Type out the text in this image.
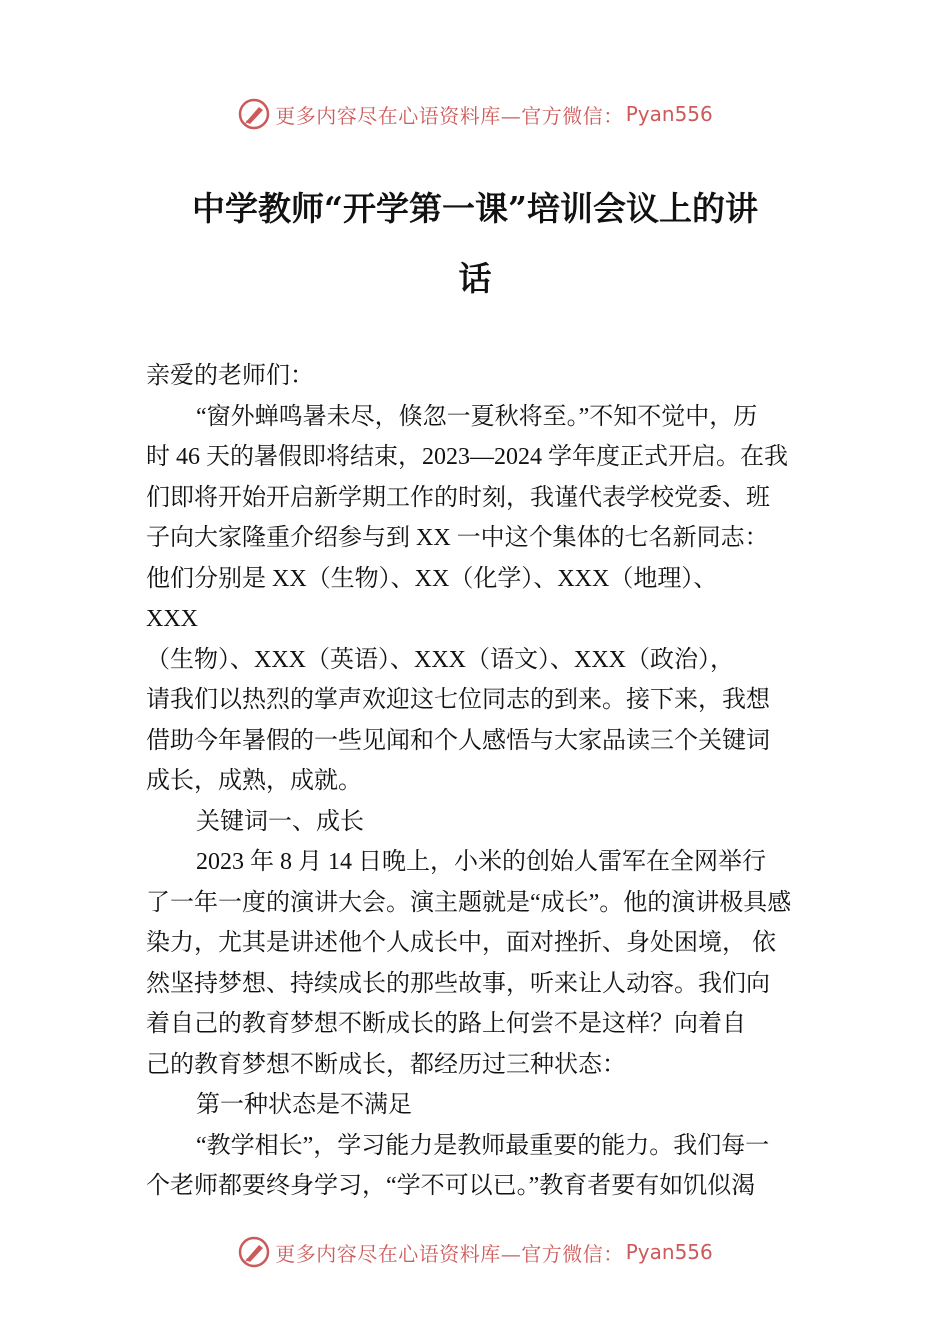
更多内容尽在心语资料库—官方微信： Pyan556
中学教师“开学第一课”培训会议上的讲
话
亲爱的老师们：
“窗外蝉鸣暑未尽，倏忽一夏秋将至。”不知不觉中，历
时 46 天的暑假即将结束，2023—2024 学年度正式开启。在我
们即将开始开启新学期工作的时刻，我谨代表学校党委、班
子向大家隆重介绍参与到 XX 一中这个集体的七名新同志：
他们分别是 XX（生物）、XX（化学）、XXX（地理）、
XXX
（生物）、XXX（英语）、XXX（语文）、XXX（政治），
请我们以热烈的掌声欢迎这七位同志的到来。接下来，我想
借助今年暑假的一些见闻和个人感悟与大家品读三个关键词
成长，成熟，成就。
关键词一、成长
2023 年 8 月 14 日晚上，小米的创始人雷军在全网举行
了一年一度的演讲大会。演主题就是“成长”。他的演讲极具感
染力，尤其是讲述他个人成长中，面对挫折、身处困境， 依
然坚持梦想、持续成长的那些故事，听来让人动容。我们向
着自己的教育梦想不断成长的路上何尝不是这样？向着自
己的教育梦想不断成长，都经历过三种状态：
第一种状态是不满足
“教学相长”，学习能力是教师最重要的能力。我们每一
个老师都要终身学习，“学不可以已。”教育者要有如饥似渴
更多内容尽在心语资料库—官方微信： Pyan556
